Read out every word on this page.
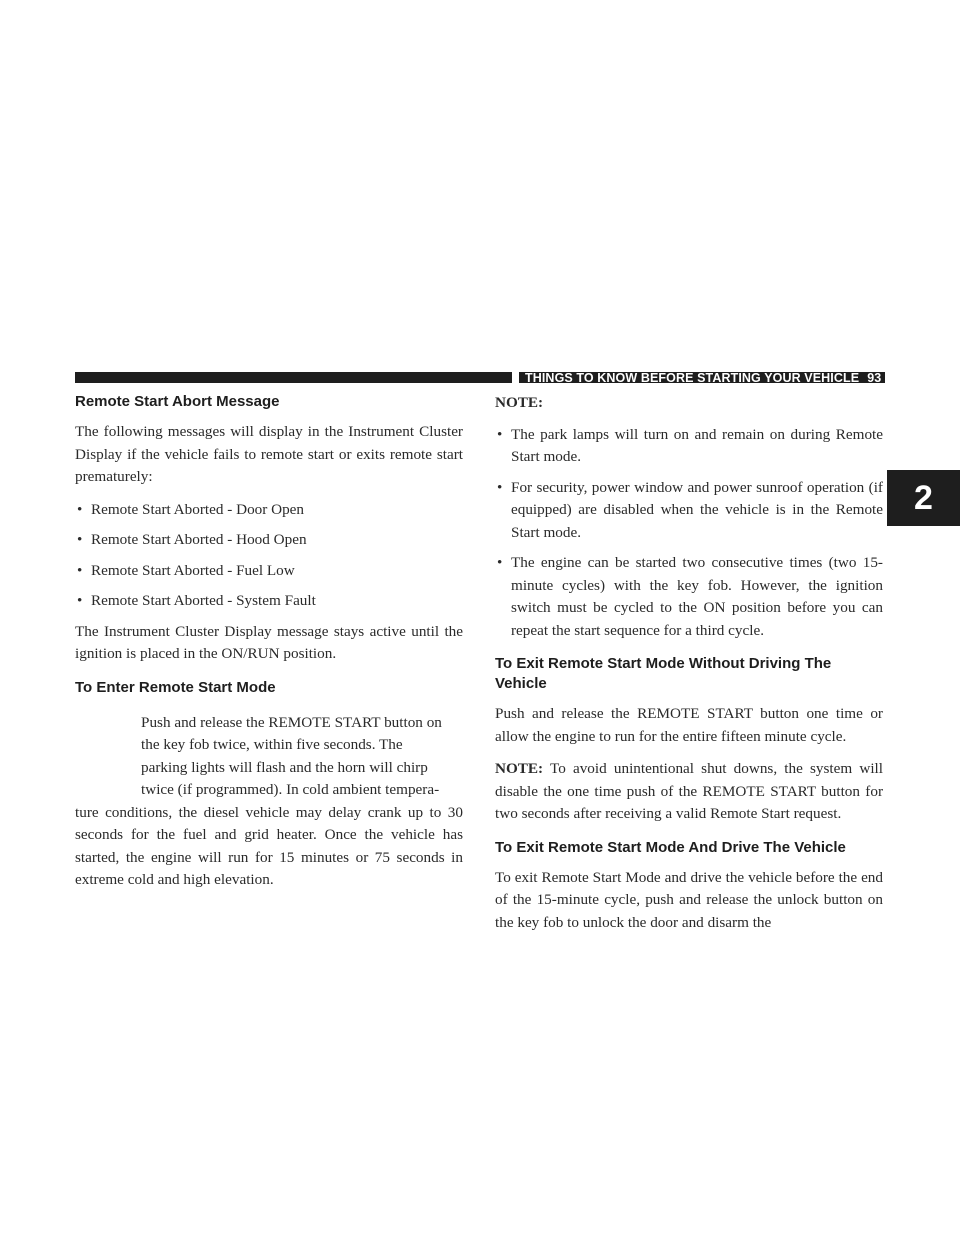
THINGS TO KNOW BEFORE STARTING YOUR VEHICLE 93
2
Remote Start Abort Message

The following messages will display in the Instrument Cluster Display if the vehicle fails to remote start or exits remote start prematurely:

• Remote Start Aborted - Door Open
• Remote Start Aborted - Hood Open
• Remote Start Aborted - Fuel Low
• Remote Start Aborted - System Fault

The Instrument Cluster Display message stays active until the ignition is placed in the ON/RUN position.

To Enter Remote Start Mode

Push and release the REMOTE START button on
the key fob twice, within five seconds. The
parking lights will flash and the horn will chirp
twice (if programmed). In cold ambient tempera-
ture conditions, the diesel vehicle may delay crank up to 30 seconds for the fuel and grid heater. Once the vehicle has started, the engine will run for 15 minutes or 75 seconds in extreme cold and high elevation.

NOTE:
• The park lamps will turn on and remain on during Remote Start mode.
• For security, power window and power sunroof operation (if equipped) are disabled when the vehicle is in the Remote Start mode.
• The engine can be started two consecutive times (two 15-minute cycles) with the key fob. However, the ignition switch must be cycled to the ON position before you can repeat the start sequence for a third cycle.
To Exit Remote Start Mode Without Driving The Vehicle

Push and release the REMOTE START button one time or allow the engine to run for the entire fifteen minute cycle.

NOTE: To avoid unintentional shut downs, the system will disable the one time push of the REMOTE START button for two seconds after receiving a valid Remote Start request.

To Exit Remote Start Mode And Drive The Vehicle

To exit Remote Start Mode and drive the vehicle before the end of the 15-minute cycle, push and release the unlock button on the key fob to unlock the door and disarm the
